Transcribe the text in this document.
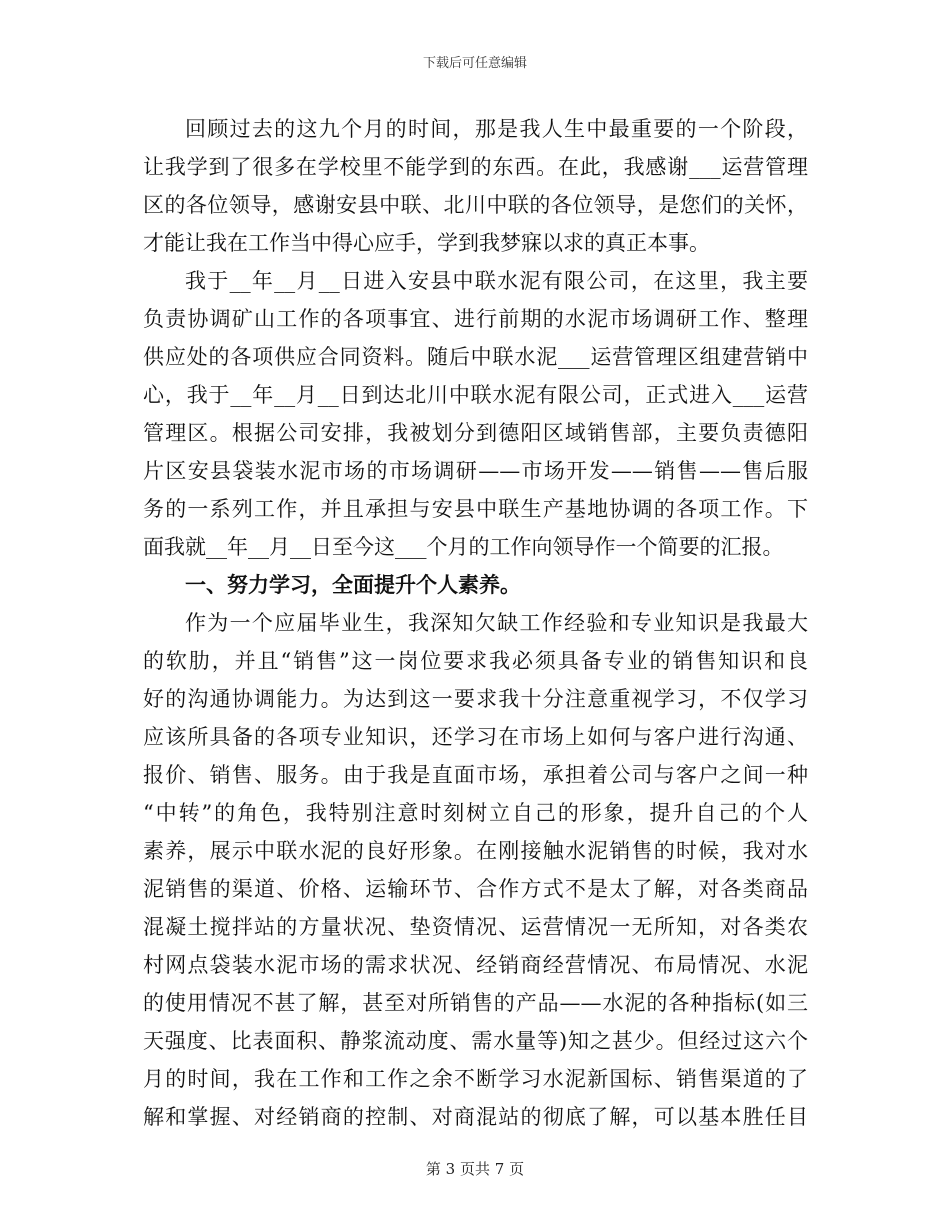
下载后可任意编辑
回顾过去的这九个月的时间，那是我人生中最重要的一个阶段，
让我学到了很多在学校里不能学到的东西。在此，我感谢___运营管理
区的各位领导，感谢安县中联、北川中联的各位领导，是您们的关怀，
才能让我在工作当中得心应手，学到我梦寐以求的真正本事。
我于__年__月__日进入安县中联水泥有限公司，在这里，我主要
负责协调矿山工作的各项事宜、进行前期的水泥市场调研工作、整理
供应处的各项供应合同资料。随后中联水泥___运营管理区组建营销中
心，我于__年__月__日到达北川中联水泥有限公司，正式进入___运营
管理区。根据公司安排，我被划分到德阳区域销售部，主要负责德阳
片区安县袋装水泥市场的市场调研——市场开发——销售——售后服
务的一系列工作，并且承担与安县中联生产基地协调的各项工作。下
面我就__年__月__日至今这___个月的工作向领导作一个简要的汇报。
一、努力学习，全面提升个人素养。
作为一个应届毕业生，我深知欠缺工作经验和专业知识是我最大
的软肋，并且“销售”这一岗位要求我必须具备专业的销售知识和良
好的沟通协调能力。为达到这一要求我十分注意重视学习，不仅学习
应该所具备的各项专业知识，还学习在市场上如何与客户进行沟通、
报价、销售、服务。由于我是直面市场，承担着公司与客户之间一种
“中转”的角色，我特别注意时刻树立自己的形象，提升自己的个人
素养，展示中联水泥的良好形象。在刚接触水泥销售的时候，我对水
泥销售的渠道、价格、运输环节、合作方式不是太了解，对各类商品
混凝土搅拌站的方量状况、垫资情况、运营情况一无所知，对各类农
村网点袋装水泥市场的需求状况、经销商经营情况、布局情况、水泥
的使用情况不甚了解，甚至对所销售的产品——水泥的各种指标(如三
天强度、比表面积、静浆流动度、需水量等)知之甚少。但经过这六个
月的时间，我在工作和工作之余不断学习水泥新国标、销售渠道的了
解和掌握、对经销商的控制、对商混站的彻底了解，可以基本胜任目
第 3 页共 7 页
